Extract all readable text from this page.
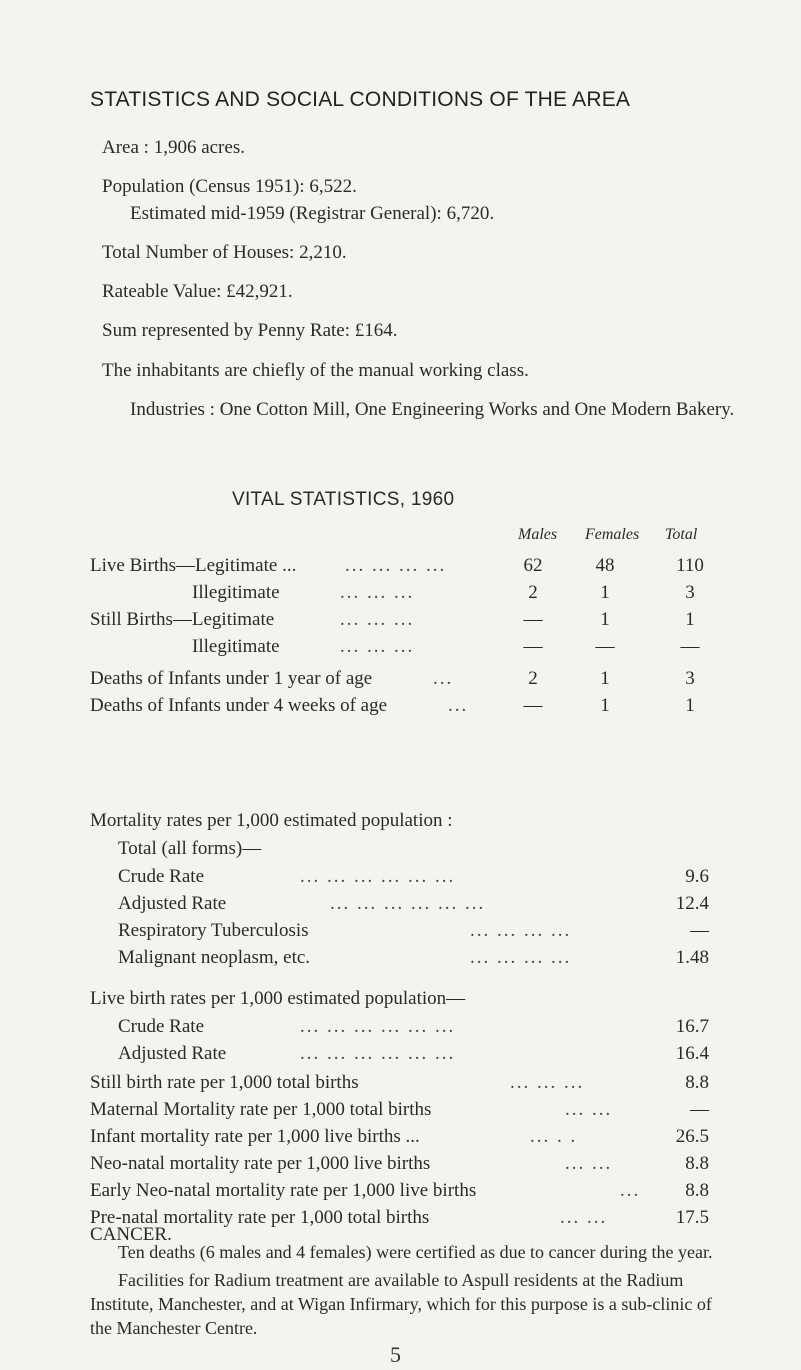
STATISTICS AND SOCIAL CONDITIONS OF THE AREA
Area : 1,906 acres.
Population (Census 1951): 6,522.
Estimated mid-1959 (Registrar General): 6,720.
Total Number of Houses: 2,210.
Rateable Value: £42,921.
Sum represented by Penny Rate: £164.
The inhabitants are chiefly of the manual working class.
Industries : One Cotton Mill, One Engineering Works and One Modern Bakery.
VITAL STATISTICS, 1960
Males Females Total
Live Births—Legitimate ...	... ... ... ...	62	48	110
Illegitimate	... ... ...	2	1	3
Still Births—Legitimate	... ... ...	—	1	1
Illegitimate	... ... ...	—	—	—
Deaths of Infants under 1 year of age	...	2	1	3
Deaths of Infants under 4 weeks of age	...	—	1	1
Mortality rates per 1,000 estimated population :
Total (all forms)—
Crude Rate	... ... ... ... ... ...	9.6
Adjusted Rate	... ... ... ... ... ...	12.4
Respiratory Tuberculosis	... ... ... ...	—
Malignant neoplasm, etc.	... ... ... ...	1.48
Live birth rates per 1,000 estimated population—
Crude Rate	... ... ... ... ... ...	16.7
Adjusted Rate	... ... ... ... ... ...	16.4
Still birth rate per 1,000 total births	... ... ...	8.8
Maternal Mortality rate per 1,000 total births	... ...	—
Infant mortality rate per 1,000 live births ...	... . .	26.5
Neo-natal mortality rate per 1,000 live births	... ...	8.8
Early Neo-natal mortality rate per 1,000 live births	... 8.8
Pre-natal mortality rate per 1,000 total births	... ...	17.5
CANCER.
Ten deaths (6 males and 4 females) were certified as due to cancer during the year.
5
Facilities for Radium treatment are available to Aspull residents at the Radium Institute, Manchester, and at Wigan Infirmary, which for this purpose is a sub-clinic of the Manchester Centre.
